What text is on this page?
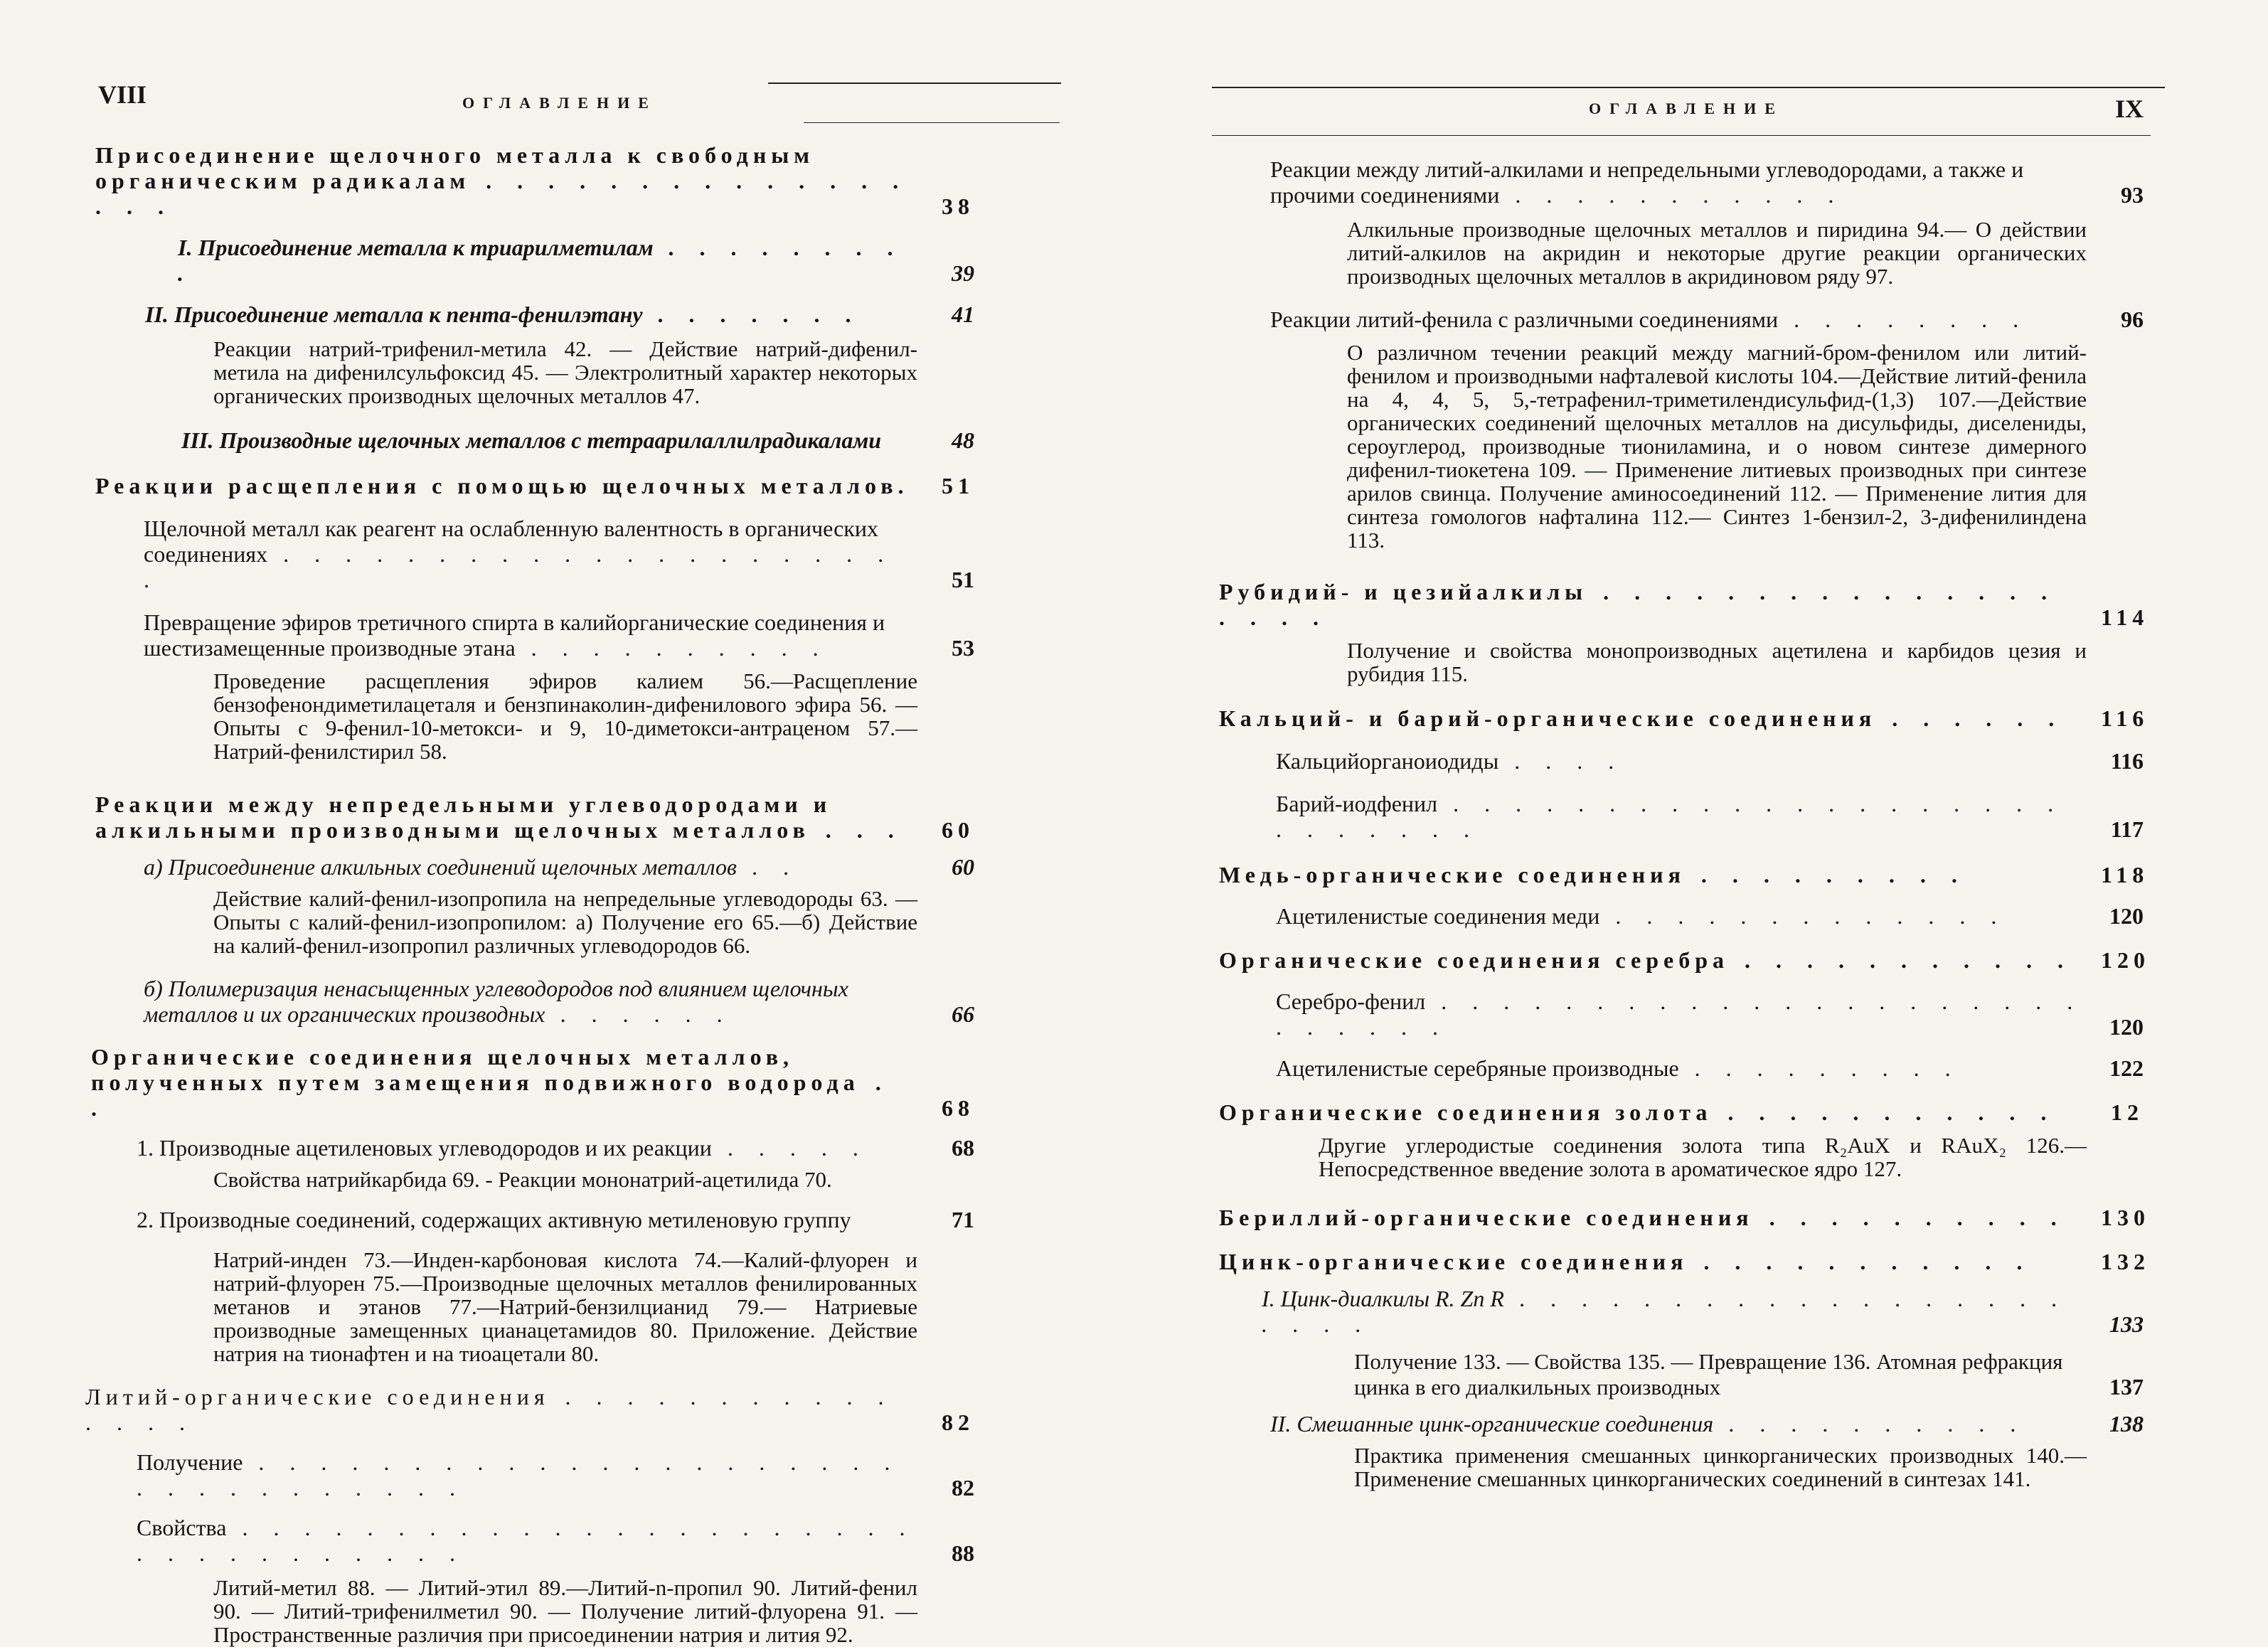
VIII	ОГЛАВЛЕНИЕ
Присоединение щелочного металла к свободным органическим радикалам . . . . . . . . . . . . . . . . .	38
I. Присоединение металла к триарилметилам . . . . . . . . .	39
II. Присоединение металла к пента-фенилэтану . . . . . . .	41
Реакции натрий-трифенил-метила 42. — Действие натрий-дифенил-метила на дифенилсульфоксид 45. — Электролитный характер некоторых органических производных щелочных металлов 47.
III. Производные щелочных металлов с тетраарилаллилрадикалами	48
Реакции расщепления с помощью щелочных металлов.	51
Щелочной металл как реагент на ослабленную валентность в органических соединениях . . . . . . . . . . . . . . . . . . . . .	51
Превращение эфиров третичного спирта в калийорганические соединения и шестизамещенные производные этана . . . . . . . . . .	53
Проведение расщепления эфиров калием 56.—Расщепление бензофенондиметилацеталя и бензпинаколин-дифенилового эфира 56. — Опыты с 9-фенил-10-метокси- и 9, 10-диметокси-антраценом 57.— Натрий-фенилстирил 58.
Реакции между непредельными углеводородами и алкильными производными щелочных металлов . . .	60
а) Присоединение алкильных соединений щелочных металлов . .	60
Действие калий-фенил-изопропила на непредельные углеводороды 63. — Опыты с калий-фенил-изопропилом: а) Получение его 65.—б) Действие на калий-фенил-изопропил различных углеводородов 66.
б) Полимеризация ненасыщенных углеводородов под влиянием щелочных металлов и их органических производных . . . . . .	66
Органические соединения щелочных металлов, полученных путем замещения подвижного водорода . .	68
1. Производные ацетиленовых углеводородов и их реакции . . . . .	68
Свойства натрийкарбида 69. - Реакции мононатрий-ацетилида 70.
2. Производные соединений, содержащих активную метиленовую группу	71
Натрий-инден 73.—Инден-карбоновая кислота 74.—Калий-флуорен и натрий-флуорен 75.—Производные щелочных металлов фенилированных метанов и этанов 77.—Натрий-бензилцианид 79.— Натриевые производные замещенных цианацетамидов 80. Приложение. Действие натрия на тионафтен и на тиоацетали 80.
Литий-органические соединения . . . . . . . . . . . . . . .	82
Получение . . . . . . . . . . . . . . . . . . . . . . . . . . . . . . . .	82
Свойства . . . . . . . . . . . . . . . . . . . . . . . . . . . . . . . . .	88
Литий-метил 88. — Литий-этил 89.—Литий-n-пропил 90. Литий-фенил 90. — Литий-трифенилметил 90. — Получение литий-флуорена 91. — Пространственные различия при присоединении натрия и лития 92.
ОГЛАВЛЕНИЕ	IX
Реакции между литий-алкилами и непредельными углеводородами, а также и прочими соединениями . . . . . . . . . . .	93
Алкильные производные щелочных металлов и пиридина 94.— О действии литий-алкилов на акридин и некоторые другие реакции органических производных щелочных металлов в акридиновом ряду 97.
Реакции литий-фенила с различными соединениями . . . . . . . .	96
О различном течении реакций между магний-бром-фенилом или литий-фенилом и производными нафталевой кислоты 104.—Действие литий-фенила на 4, 4, 5, 5,-тетрафенил-триметилендисульфид-(1,3) 107.—Действие органических соединений щелочных металлов на дисульфиды, диселениды, сероуглерод, производные тиониламина, и о новом синтезе димерного дифенил-тиокетена 109. — Применение литиевых производных при синтезе арилов свинца. Получение аминосоединений 112. — Применение лития для синтеза гомологов нафталина 112.— Синтез 1-бензил-2, 3-дифенилиндена 113.
Рубидий- и цезийалкилы . . . . . . . . . . . . . . . . . . .	114
Получение и свойства монопроизводных ацетилена и карбидов цезия и рубидия 115.
Кальций- и барий-органические соединения . . . . . . 116
Кальцийорганоиодиды . . . .	116
Барий-иодфенил . . . . . . . . . . . . . . . . . . . . . . . . . . .	117
Медь-органические соединения . . . . . . . . .	118
Ацетиленистые соединения меди . . . . . . . . . . . . .	120
Органические соединения серебра . . . . . . . . . . . 120
Серебро-фенил . . . . . . . . . . . . . . . . . . . . . . . . . . .	120
Ацетиленистые серебряные производные . . . . . . . . .	122
Органические соединения золота . . . . . . . . . . .	12
Другие углеродистые соединения золота типа R₂AuX и RAuX₂ 126.— Непосредственное введение золота в ароматическое ядро 127.
Бериллий-органические соединения . . . . . . . . . . 130
Цинк-органические соединения . . . . . . . . . . .	132
I. Цинк-диалкилы R. Zn R . . . . . . . . . . . . . . . . . . . . . .	133
Получение 133. — Свойства 135. — Превращение 136. Атомная рефракция цинка в его диалкильных производных	137
II. Смешанные цинк-органические соединения . . . . . . . . . .	138
Практика применения смешанных цинкорганических производных 140.—Применение смешанных цинкорганических соединений в синтезах 141.
